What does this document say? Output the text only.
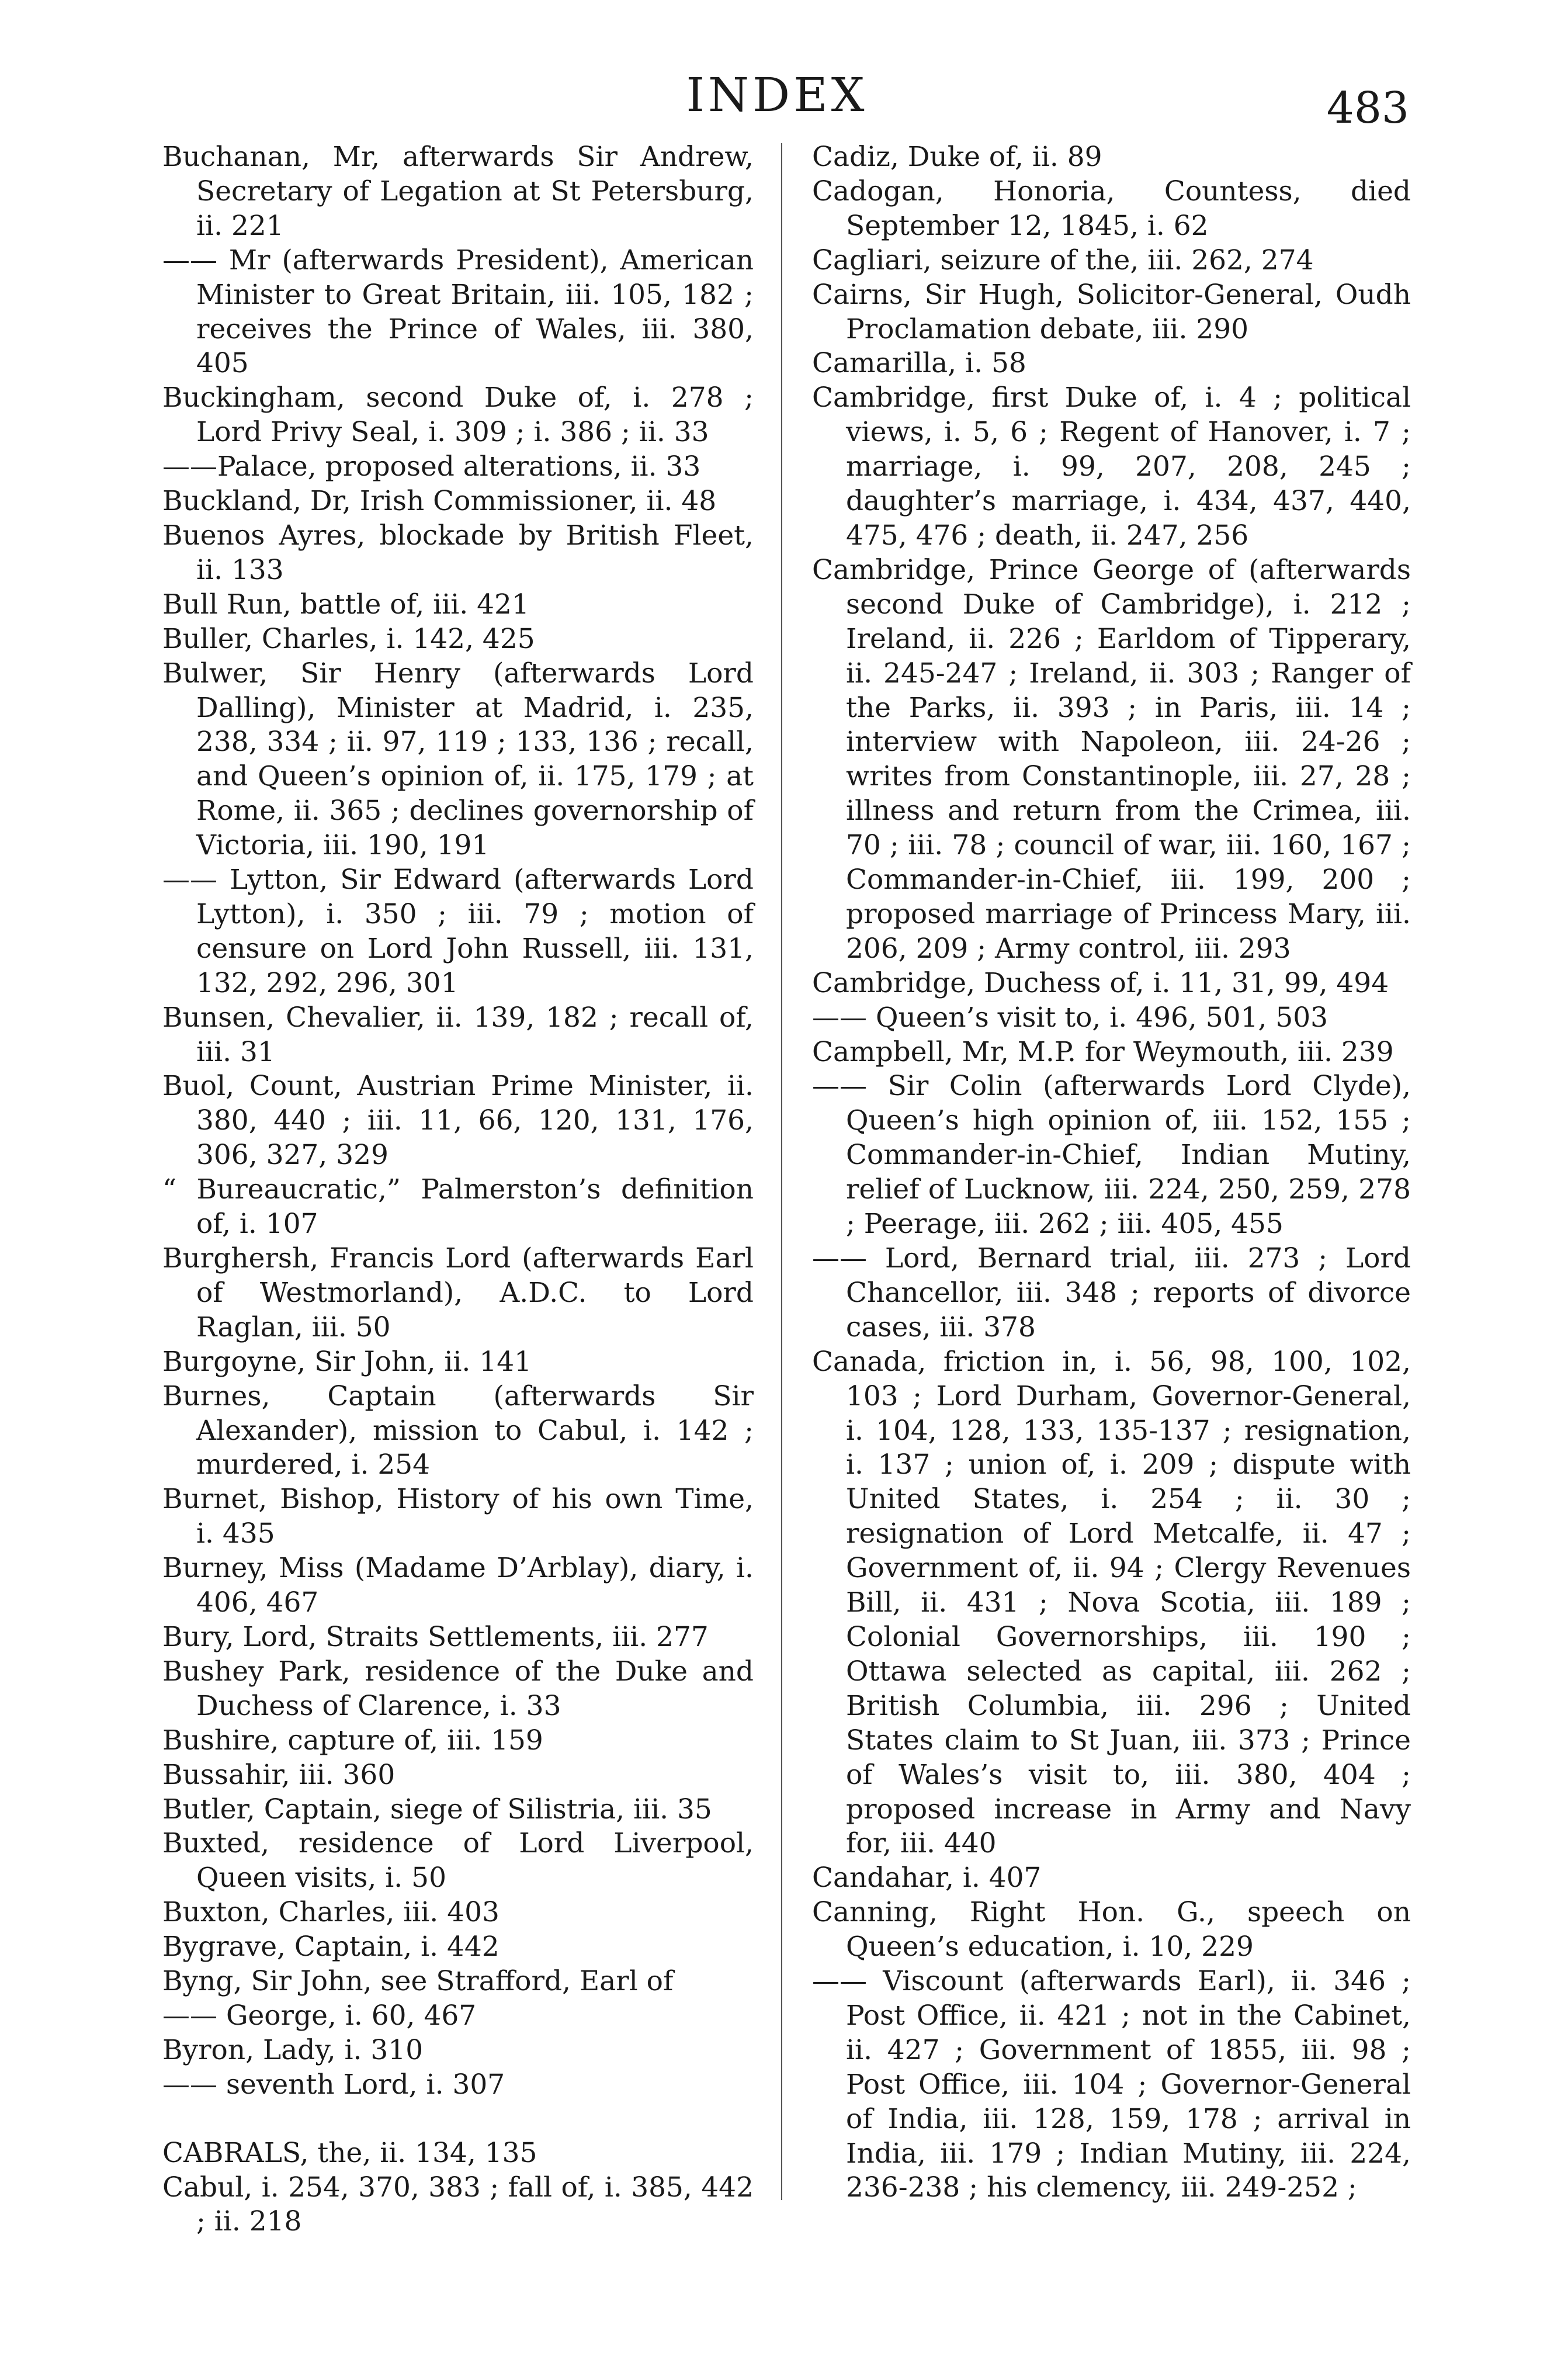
INDEX	483

Buchanan, Mr, afterwards Sir Andrew, Secretary of Legation at St Petersburg, ii. 221

—— Mr (afterwards President), American Minister to Great Britain, iii. 105, 182 ; receives the Prince of Wales, iii. 380, 405

Buckingham, second Duke of, i. 278 ; Lord Privy Seal, i. 309 ; i. 386 ; ii. 33

——Palace, proposed alterations, ii. 33

Buckland, Dr, Irish Commissioner, ii. 48

Buenos Ayres, blockade by British Fleet, ii. 133

Bull Run, battle of, iii. 421

Buller, Charles, i. 142, 425

Bulwer, Sir Henry (afterwards Lord Dalling), Minister at Madrid, i. 235, 238, 334 ; ii. 97, 119 ; 133, 136 ; recall, and Queen’s opinion of, ii. 175, 179 ; at Rome, ii. 365 ; declines governorship of Victoria, iii. 190, 191

—— Lytton, Sir Edward (afterwards Lord Lytton), i. 350 ; iii. 79 ; motion of censure on Lord John Russell, iii. 131, 132, 292, 296, 301

Bunsen, Chevalier, ii. 139, 182 ; recall of, iii. 31

Buol, Count, Austrian Prime Minister, ii. 380, 440 ; iii. 11, 66, 120, 131, 176, 306, 327, 329

“ Bureaucratic,” Palmerston’s definition of, i. 107

Burghersh, Francis Lord (afterwards Earl of Westmorland), A.D.C. to Lord Raglan, iii. 50

Burgoyne, Sir John, ii. 141

Burnes, Captain (afterwards Sir Alexander), mission to Cabul, i. 142 ; murdered, i. 254

Burnet, Bishop, History of his own Time, i. 435

Burney, Miss (Madame D’Arblay), diary, i. 406, 467

Bury, Lord, Straits Settlements, iii. 277

Bushey Park, residence of the Duke and Duchess of Clarence, i. 33

Bushire, capture of, iii. 159

Bussahir, iii. 360

Butler, Captain, siege of Silistria, iii. 35

Buxted, residence of Lord Liverpool, Queen visits, i. 50

Buxton, Charles, iii. 403

Bygrave, Captain, i. 442

Byng, Sir John, see Strafford, Earl of

—— George, i. 60, 467

Byron, Lady, i. 310

—— seventh Lord, i. 307

CABRALS, the, ii. 134, 135

Cabul, i. 254, 370, 383 ; fall of, i. 385, 442 ; ii. 218

Cadiz, Duke of, ii. 89

Cadogan, Honoria, Countess, died September 12, 1845, i. 62

Cagliari, seizure of the, iii. 262, 274

Cairns, Sir Hugh, Solicitor-General, Oudh Proclamation debate, iii. 290

Camarilla, i. 58

Cambridge, first Duke of, i. 4 ; political views, i. 5, 6 ; Regent of Hanover, i. 7 ; marriage, i. 99, 207, 208, 245 ; daughter’s marriage, i. 434, 437, 440, 475, 476 ; death, ii. 247, 256

Cambridge, Prince George of (afterwards second Duke of Cambridge), i. 212 ; Ireland, ii. 226 ; Earldom of Tipperary, ii. 245-247 ; Ireland, ii. 303 ; Ranger of the Parks, ii. 393 ; in Paris, iii. 14 ; interview with Napoleon, iii. 24-26 ; writes from Constantinople, iii. 27, 28 ; illness and return from the Crimea, iii. 70 ; iii. 78 ; council of war, iii. 160, 167 ; Commander-in-Chief, iii. 199, 200 ; proposed marriage of Princess Mary, iii. 206, 209 ; Army control, iii. 293

Cambridge, Duchess of, i. 11, 31, 99, 494

—— Queen’s visit to, i. 496, 501, 503

Campbell, Mr, M.P. for Weymouth, iii. 239

—— Sir Colin (afterwards Lord Clyde), Queen’s high opinion of, iii. 152, 155 ; Commander-in-Chief, Indian Mutiny, relief of Lucknow, iii. 224, 250, 259, 278 ; Peerage, iii. 262 ; iii. 405, 455

—— Lord, Bernard trial, iii. 273 ; Lord Chancellor, iii. 348 ; reports of divorce cases, iii. 378

Canada, friction in, i. 56, 98, 100, 102, 103 ; Lord Durham, Governor-General, i. 104, 128, 133, 135-137 ; resignation, i. 137 ; union of, i. 209 ; dispute with United States, i. 254 ; ii. 30 ; resignation of Lord Metcalfe, ii. 47 ; Government of, ii. 94 ; Clergy Revenues Bill, ii. 431 ; Nova Scotia, iii. 189 ; Colonial Governorships, iii. 190 ; Ottawa selected as capital, iii. 262 ; British Columbia, iii. 296 ; United States claim to St Juan, iii. 373 ; Prince of Wales’s visit to, iii. 380, 404 ; proposed increase in Army and Navy for, iii. 440

Candahar, i. 407

Canning, Right Hon. G., speech on Queen’s education, i. 10, 229

—— Viscount (afterwards Earl), ii. 346 ; Post Office, ii. 421 ; not in the Cabinet, ii. 427 ; Government of 1855, iii. 98 ; Post Office, iii. 104 ; Governor-General of India, iii. 128, 159, 178 ; arrival in India, iii. 179 ; Indian Mutiny, iii. 224, 236-238 ; his clemency, iii. 249-252 ;
